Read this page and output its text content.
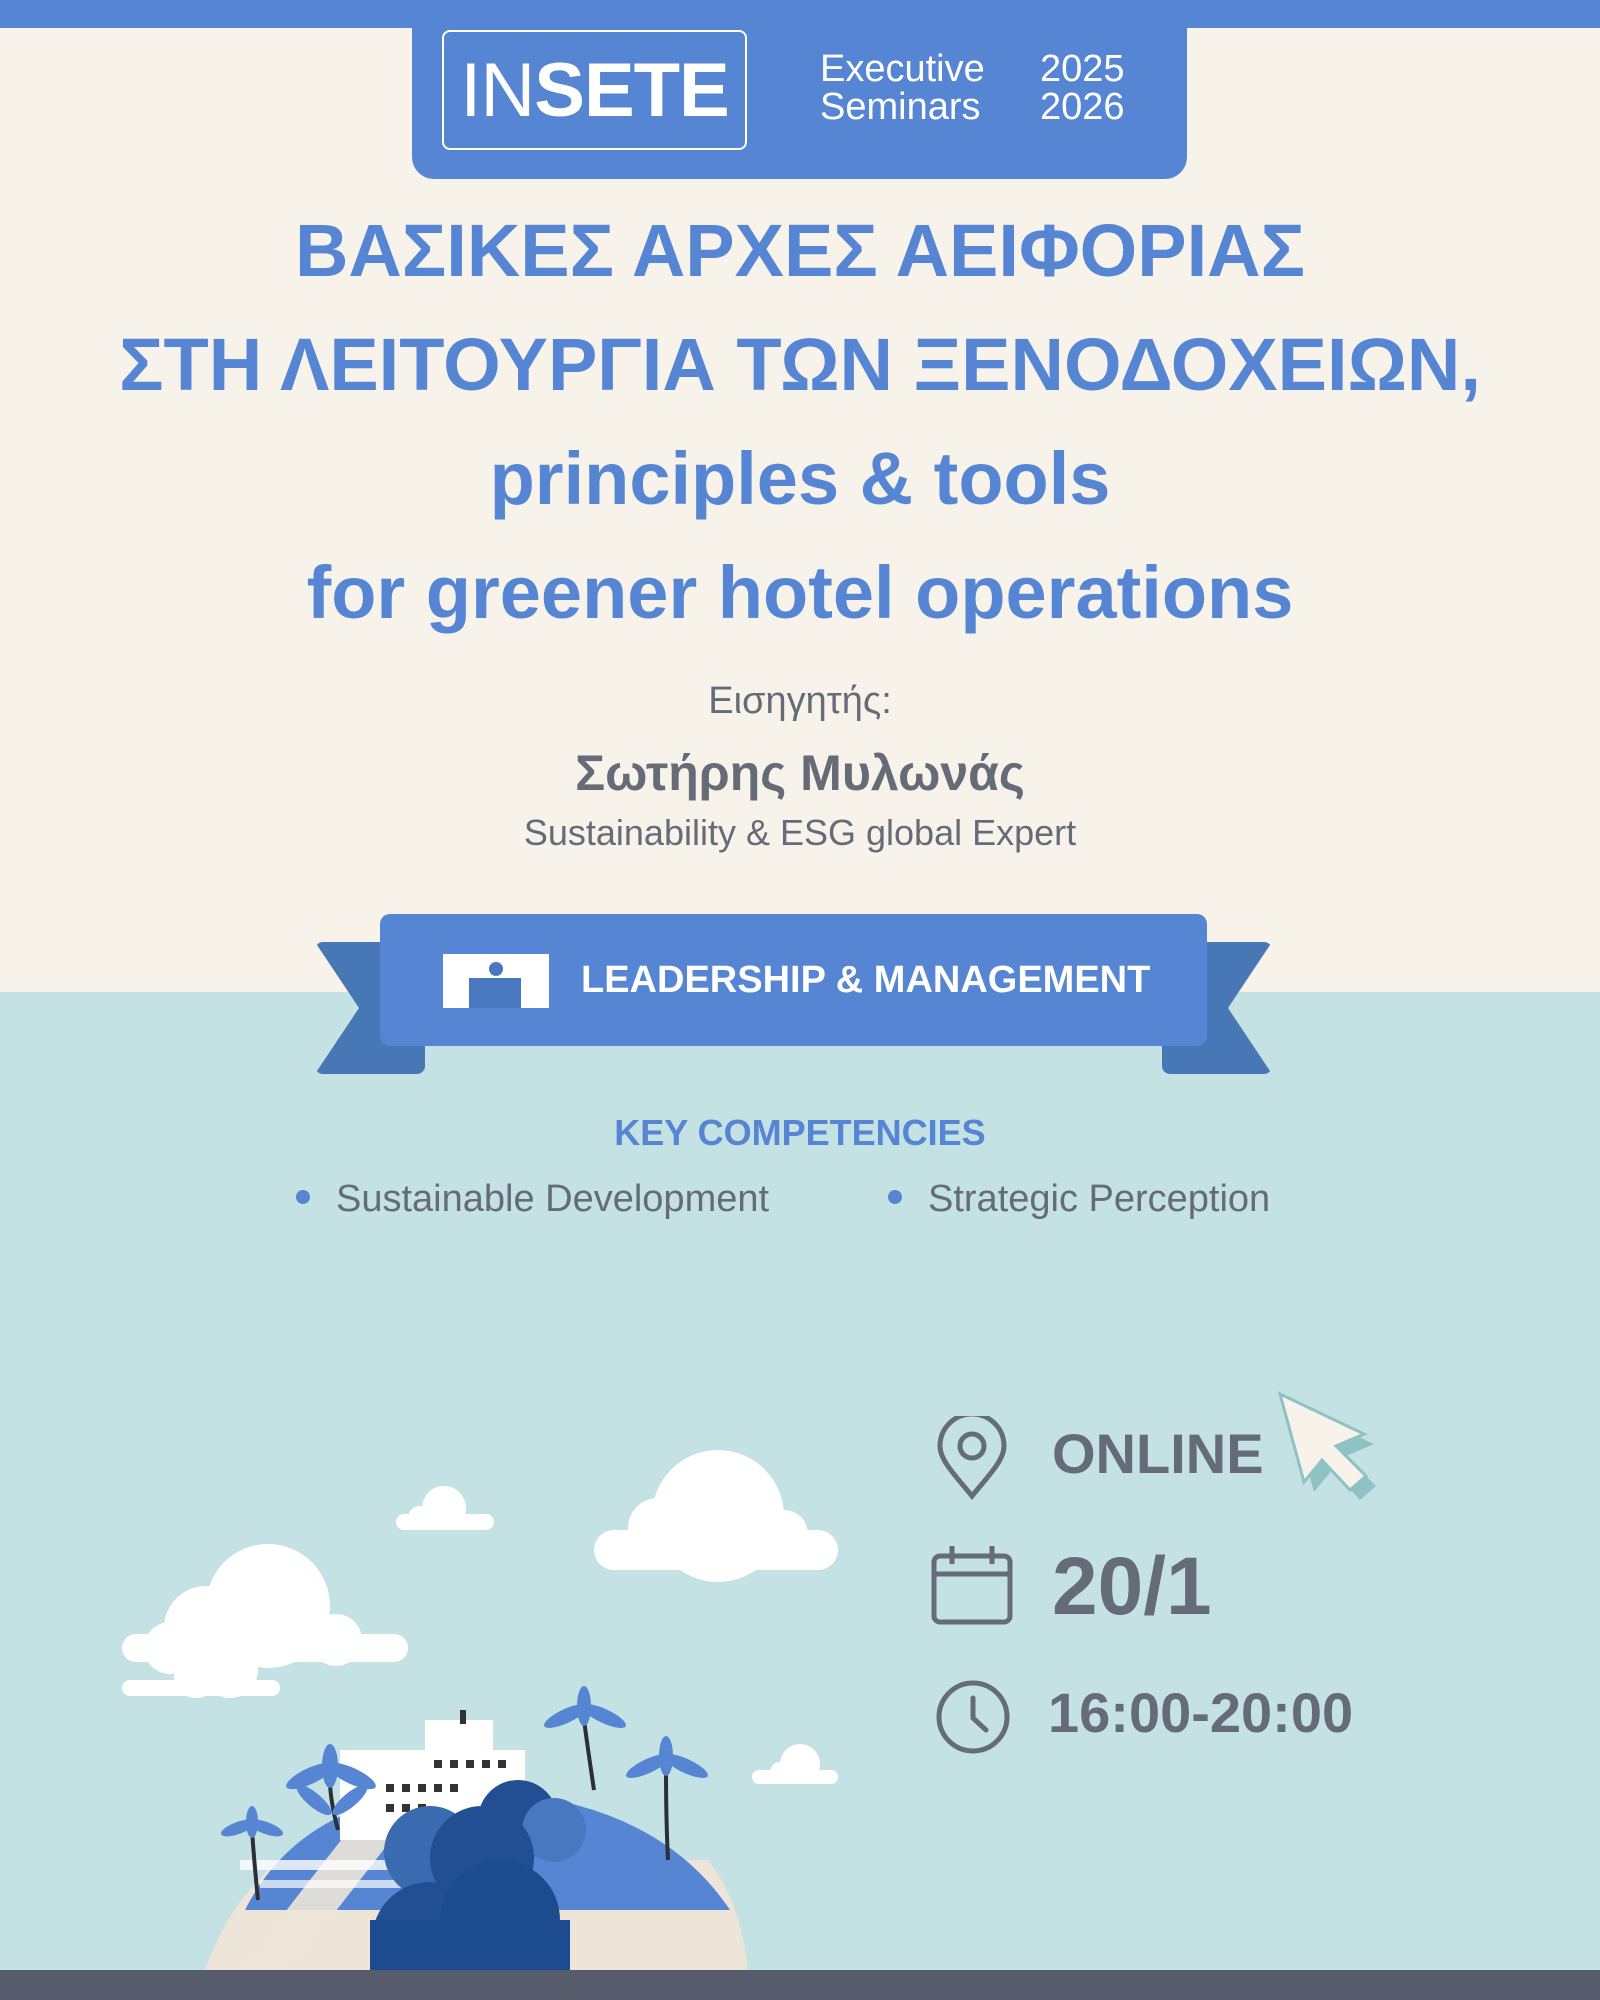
INSETE	Executive
Seminars
2025
2026
ΒΑΣΙΚΕΣ ΑΡΧΕΣ ΑΕΙΦΟΡΙΑΣ
ΣΤΗ ΛΕΙΤΟΥΡΓΙΑ ΤΩΝ ΞΕΝΟΔΟΧΕΙΩΝ,
principles & tools
for greener hotel operations
Εισηγητής:
Σωτήρης Μυλωνάς
Sustainability & ESG global Expert
LEADERSHIP & MANAGEMENT
KEY COMPETENCIES
Sustainable Development	Strategic Perception
ONLINE
20/1
16:00-20:00
